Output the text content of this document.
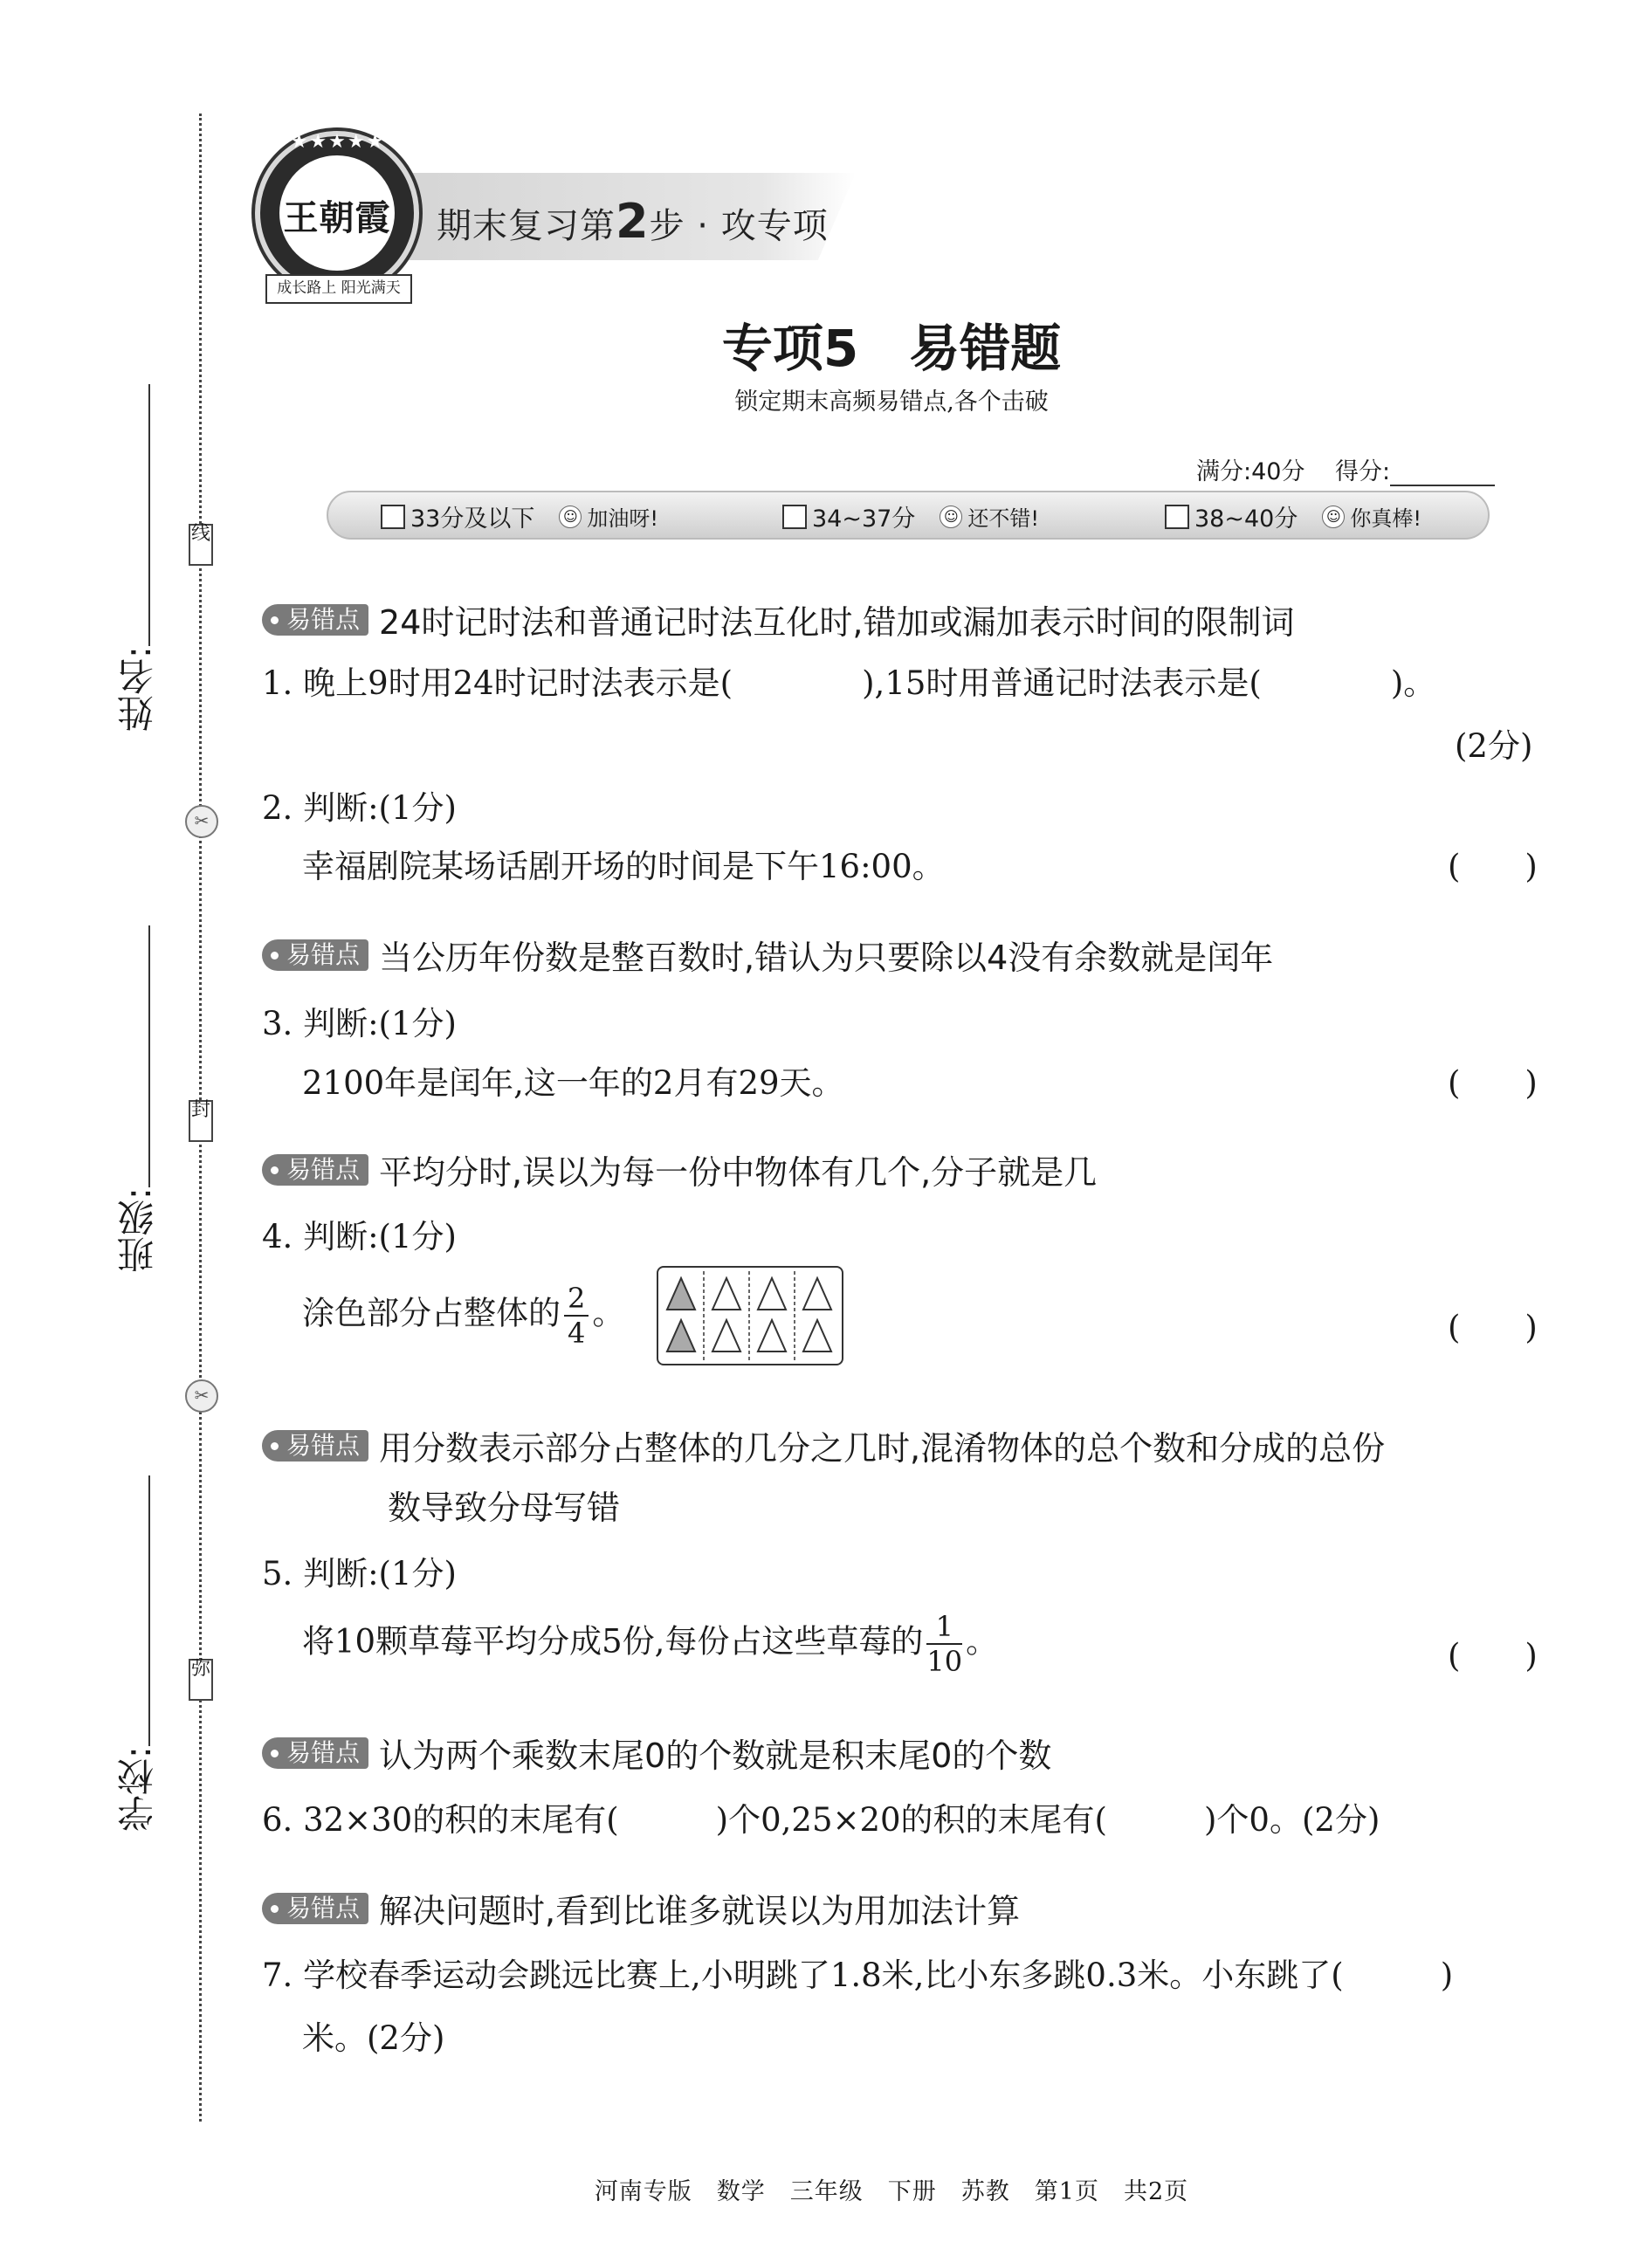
线
封
弥
✂
✂
姓名:
班级:
学校:
期末复习第2步 · 攻专项
★★★★★
王朝霞
成长路上 阳光满天
专项5　易错题
锁定期末高频易错点,各个击破
满分:40分 得分:
33分及以下 ☺ 加油呀!	34~37分 ☺ 还不错!	38~40分 ☺ 你真棒!
易错点 24时记时法和普通记时法互化时,错加或漏加表示时间的限制词
1. 晚上9时用24时记时法表示是(　　　　),15时用普通记时法表示是(　　　　)。
(2分)
2. 判断:(1分)
幸福剧院某场话剧开场的时间是下午16:00。	(　　)
易错点 当公历年份数是整百数时,错认为只要除以4没有余数就是闰年
3. 判断:(1分)
2100年是闰年,这一年的2月有29天。	(　　)
易错点 平均分时,误以为每一份中物体有几个,分子就是几
4. 判断:(1分)
涂色部分占整体的 $\frac{2}{4}$ 。	(　　)
易错点 用分数表示部分占整体的几分之几时,混淆物体的总个数和分成的总份
数导致分母写错
5. 判断:(1分)
将10颗草莓平均分成5份,每份占这些草莓的 $\frac{1}{10}$ 。	(　　)
易错点 认为两个乘数末尾0的个数就是积末尾0的个数
6. 32×30的积的末尾有(　　　)个0,25×20的积的末尾有(　　　)个0。(2分)
易错点 解决问题时,看到比谁多就误以为用加法计算
7. 学校春季运动会跳远比赛上,小明跳了1.8米,比小东多跳0.3米。小东跳了(　　　)
米。(2分)
河南专版　数学　三年级　下册　苏教　第1页　共2页
